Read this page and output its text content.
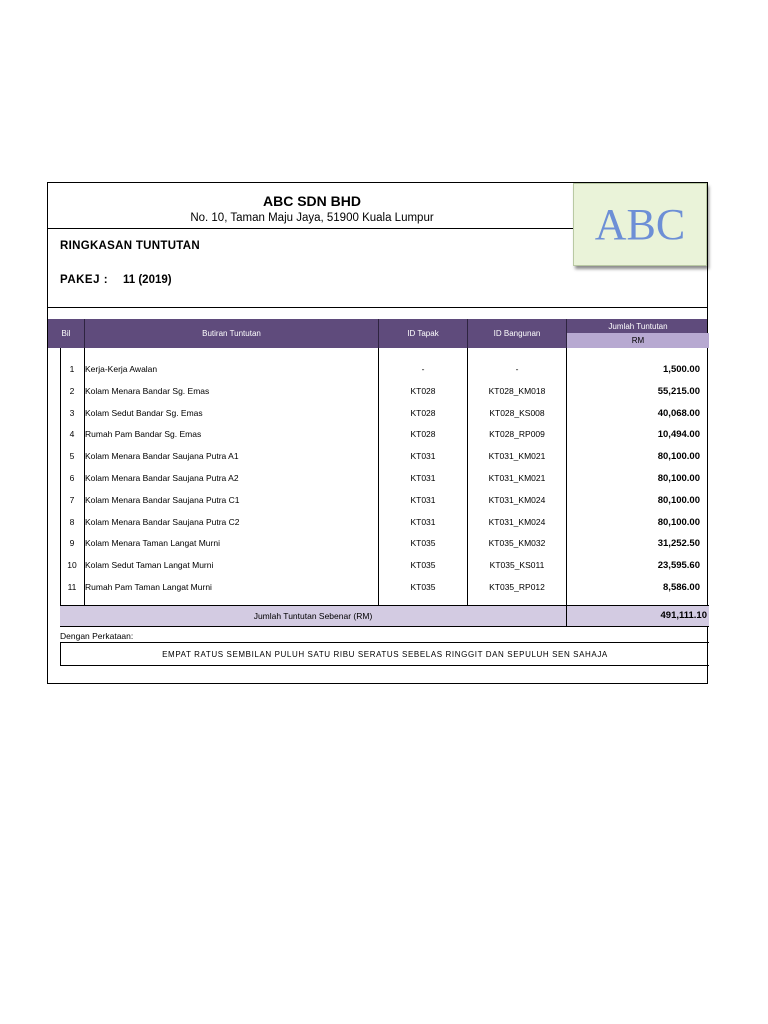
ABC SDN BHD
No. 10, Taman Maju Jaya, 51900 Kuala Lumpur	ABC
RINGKASAN TUNTUTAN
PAKEJ : 11 (2019)
Bil	Butiran Tuntutan	ID Tapak	ID Bangunan
Jumlah Tuntutan
RM
1	Kerja-Kerja Awalan	-	-	1,500.00
2	Kolam Menara Bandar Sg. Emas	KT028	KT028_KM018	55,215.00
3	Kolam Sedut Bandar Sg. Emas	KT028	KT028_KS008	40,068.00
4	Rumah Pam Bandar Sg. Emas	KT028	KT028_RP009	10,494.00
5	Kolam Menara Bandar Saujana Putra A1	KT031	KT031_KM021	80,100.00
6	Kolam Menara Bandar Saujana Putra A2	KT031	KT031_KM021	80,100.00
7	Kolam Menara Bandar Saujana Putra C1	KT031	KT031_KM024	80,100.00
8	Kolam Menara Bandar Saujana Putra C2	KT031	KT031_KM024	80,100.00
9	Kolam Menara Taman Langat Murni	KT035	KT035_KM032	31,252.50
10 Kolam Sedut Taman Langat Murni	KT035	KT035_KS011	23,595.60
11	Rumah Pam Taman Langat Murni	KT035	KT035_RP012	8,586.00
Jumlah Tuntutan Sebenar (RM)	491,111.10
Dengan Perkataan:
EMPAT RATUS SEMBILAN PULUH SATU RIBU SERATUS SEBELAS RINGGIT DAN SEPULUH SEN SAHAJA
